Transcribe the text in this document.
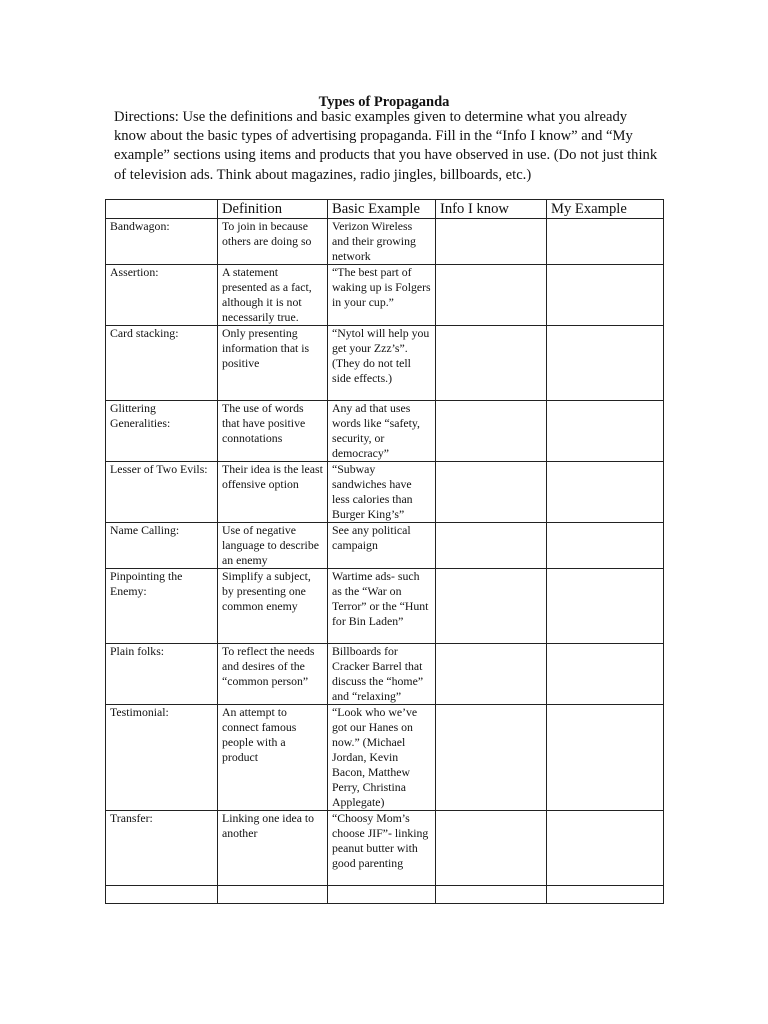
Types of Propaganda
Directions: Use the definitions and basic examples given to determine what you already know about the basic types of advertising propaganda. Fill in the “Info I know” and “My example” sections using items and products that you have observed in use. (Do not just think of television ads. Think about magazines, radio jingles, billboards, etc.)
	Definition	Basic Example	Info I know	My Example
Bandwagon:	To join in because others are doing so	Verizon Wireless and their growing network		
Assertion:	A statement presented as a fact, although it is not necessarily true.	“The best part of waking up is Folgers in your cup.”		
Card stacking:	Only presenting information that is positive	“Nytol will help you get your Zzz’s”. (They do not tell side effects.)		
Glittering Generalities:	The use of words that have positive connotations	Any ad that uses words like “safety, security, or democracy”		
Lesser of Two Evils:	Their idea is the least offensive option	“Subway sandwiches have less calories than Burger King’s”		
Name Calling:	Use of negative language to describe an enemy	See any political campaign		
Pinpointing the Enemy:	Simplify a subject, by presenting one common enemy	Wartime ads- such as the “War on Terror” or the “Hunt for Bin Laden”		
Plain folks:	To reflect the needs and desires of the “common person”	Billboards for Cracker Barrel that discuss the “home” and “relaxing”		
Testimonial:	An attempt to connect famous people with a product	“Look who we’ve got our Hanes on now.” (Michael Jordan, Kevin Bacon, Matthew Perry, Christina Applegate)		
Transfer:	Linking one idea to another	“Choosy Mom’s choose JIF”- linking peanut butter with good parenting		
